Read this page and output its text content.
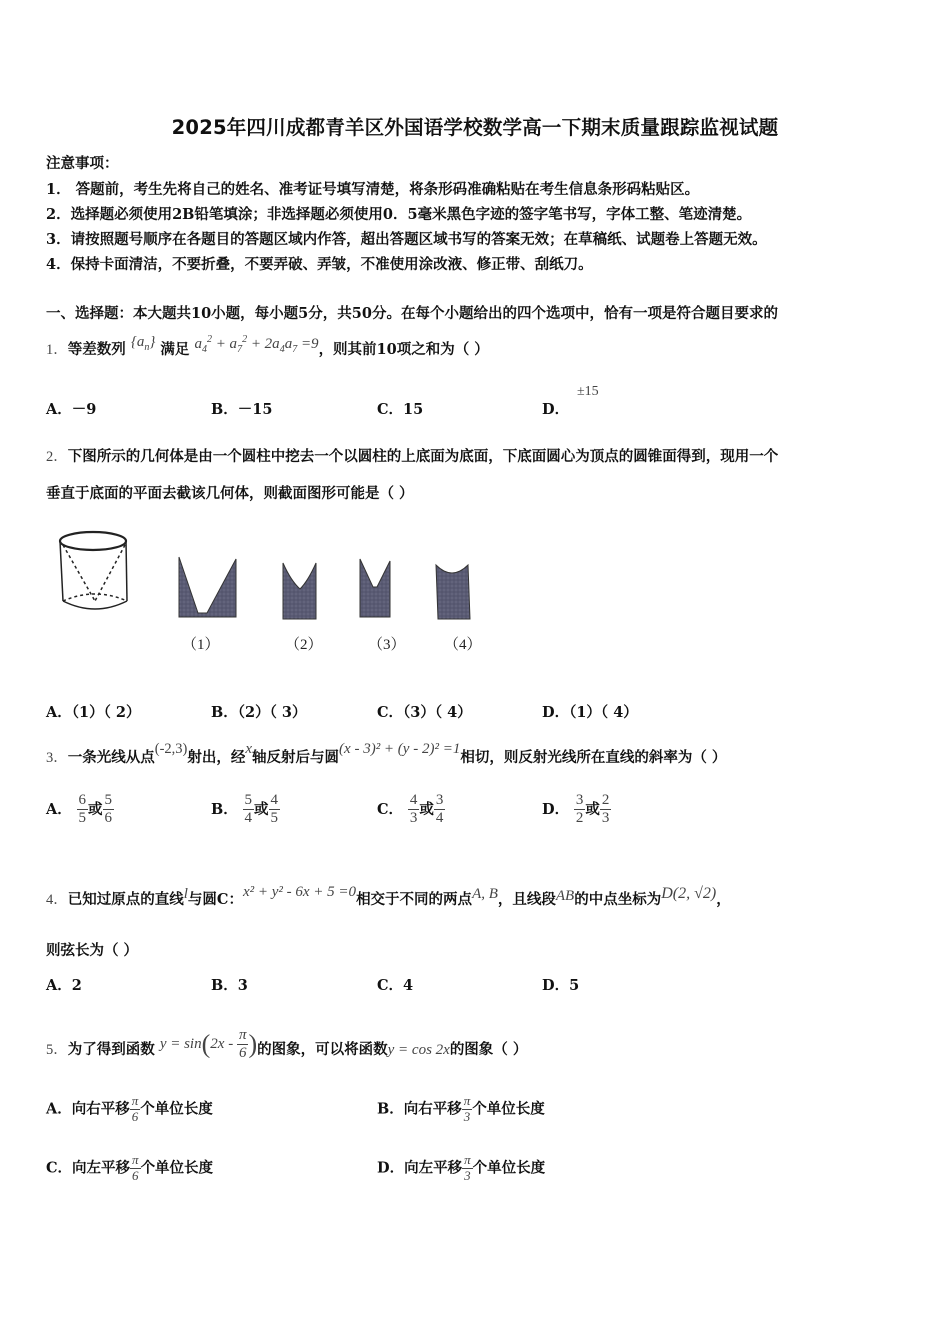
2025年四川成都青羊区外国语学校数学高一下期末质量跟踪监视试题
注意事项：
1． 答题前，考生先将自己的姓名、准考证号填写清楚，将条形码准确粘贴在考生信息条形码粘贴区。
2．选择题必须使用2B铅笔填涂；非选择题必须使用0．5毫米黑色字迹的签字笔书写，字体工整、笔迹清楚。
3．请按照题号顺序在各题目的答题区域内作答，超出答题区域书写的答案无效；在草稿纸、试题卷上答题无效。
4．保持卡面清洁，不要折叠，不要弄破、弄皱，不准使用涂改液、修正带、刮纸刀。
一、选择题：本大题共10小题，每小题5分，共50分。在每个小题给出的四个选项中，恰有一项是符合题目要求的
1．等差数列 $\{a_n\}$ 满足 $a_4^2 + a_7^2 + 2a_4a_7 =9$，则其前10项之和为（ ）
A．－9	B．－15	C．15	D．
±15
2．下图所示的几何体是由一个圆柱中挖去一个以圆柱的上底面为底面，下底面圆心为顶点的圆锥面得到，现用一个
垂直于底面的平面去截该几何体，则截面图形可能是（ ）
（1）	（2）	（3）	（4）
A．（1）（ 2）	B．（2）（ 3）	C．（3）（ 4）	D．（1）（ 4）
3．一条光线从点(-2,3)射出，经x轴反射后与圆(x - 3)² + (y - 2)² =1相切，则反射光线所在直线的斜率为（ ）
A． $\frac{6}{5}$ 或 $\frac{5}{6}$	B． $\frac{5}{4}$ 或 $\frac{4}{5}$	C． $\frac{4}{3}$ 或 $\frac{3}{4}$	D． $\frac{3}{2}$ 或 $\frac{2}{3}$
4．已知过原点的直线l与圆C：x² + y² - 6x + 5 =0相交于不同的两点A, B，且线段AB的中点坐标为D(2, √2)，
则弦长为（ ）
A．2	B．3	C．4	D．5
5．为了得到函数 $y = \sin(2x - \frac{\pi}{6}$ )的图象，可以将函数y = cos 2x的图象（ ）
A．向右平移 $\frac{\pi}{6}$ 个单位长度	B．向右平移 $\frac{\pi}{3}$ 个单位长度
C．向左平移 $\frac{\pi}{6}$ 个单位长度	D．向左平移 $\frac{\pi}{3}$ 个单位长度
